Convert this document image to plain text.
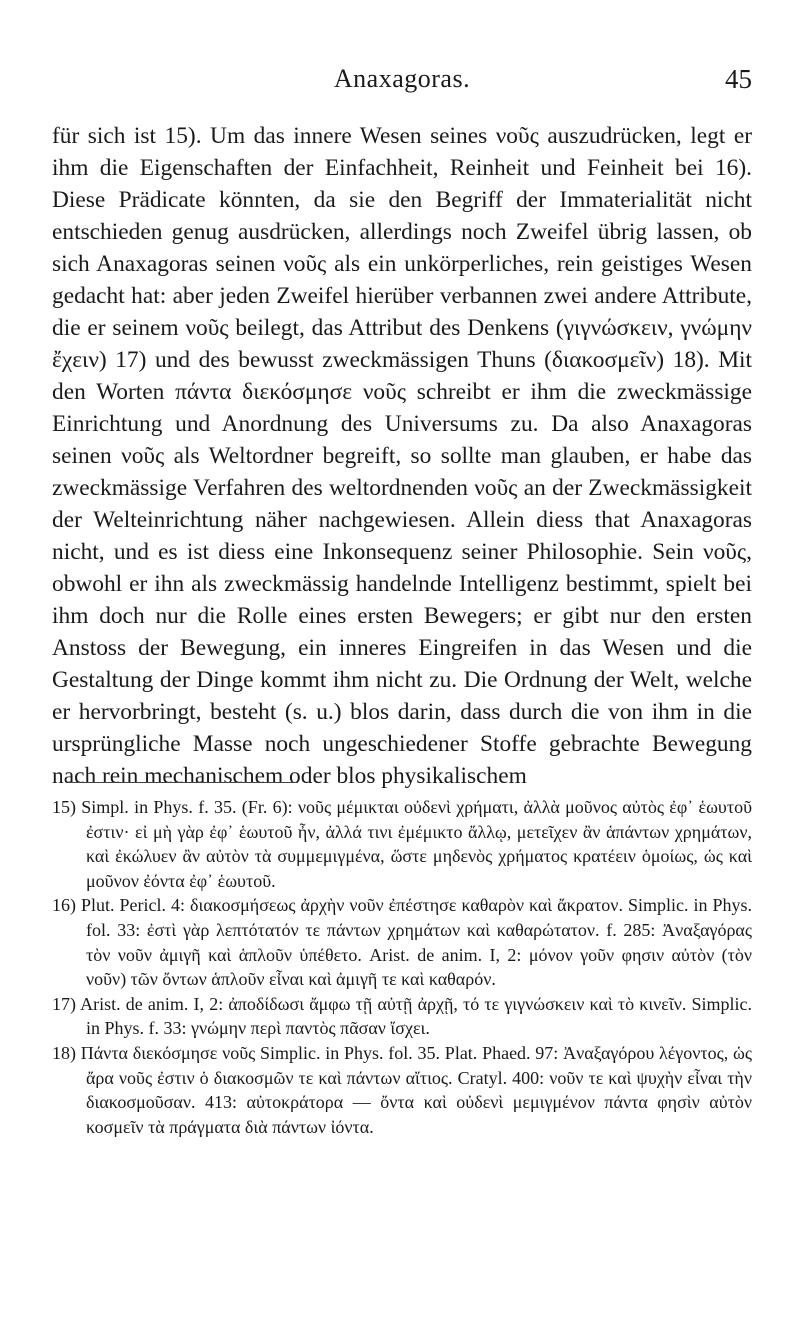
Anaxagoras.	45

für sich ist 15). Um das innere Wesen seines νοῦς auszudrücken, legt er ihm die Eigenschaften der Einfachheit, Reinheit und Feinheit bei 16). Diese Prädicate könnten, da sie den Begriff der Immaterialität nicht entschieden genug ausdrücken, allerdings noch Zweifel übrig lassen, ob sich Anaxagoras seinen νοῦς als ein unkörperliches, rein geistiges Wesen gedacht hat: aber jeden Zweifel hierüber verbannen zwei andere Attribute, die er seinem νοῦς beilegt, das Attribut des Denkens (γιγνώσκειν, γνώμην ἔχειν) 17) und des bewusst zweckmässigen Thuns (διακοσμεῖν) 18). Mit den Worten πάντα διεκόσμησε νοῦς schreibt er ihm die zweckmässige Einrichtung und Anordnung des Universums zu. Da also Anaxagoras seinen νοῦς als Weltordner begreift, so sollte man glauben, er habe das zweckmässige Verfahren des weltordnenden νοῦς an der Zweckmässigkeit der Welteinrichtung näher nachgewiesen. Allein diess that Anaxagoras nicht, und es ist diess eine Inkonsequenz seiner Philosophie. Sein νοῦς, obwohl er ihn als zweckmässig handelnde Intelligenz bestimmt, spielt bei ihm doch nur die Rolle eines ersten Bewegers; er gibt nur den ersten Anstoss der Bewegung, ein inneres Eingreifen in das Wesen und die Gestaltung der Dinge kommt ihm nicht zu. Die Ordnung der Welt, welche er hervorbringt, besteht (s. u.) blos darin, dass durch die von ihm in die ursprüngliche Masse noch ungeschiedener Stoffe gebrachte Bewegung nach rein mechanischem oder blos physikalischem

15) Simpl. in Phys. f. 35. (Fr. 6): νοῦς μέμικται οὐδενὶ χρήματι, ἀλλὰ μοῦνος αὐτὸς ἐφ᾽ ἑωυτοῦ ἐστιν· εἰ μὴ γὰρ ἐφ᾽ ἑωυτοῦ ἦν, ἀλλά τινι ἐμέμικτο ἄλλῳ, μετεῖχεν ἂν ἁπάντων χρημάτων, καὶ ἐκώλυεν ἂν αὐτὸν τὰ συμμεμιγμένα, ὥστε μηδενὸς χρήματος κρατέειν ὁμοίως, ὡς καὶ μοῦνον ἐόντα ἐφ᾽ ἑωυτοῦ.

16) Plut. Pericl. 4: διακοσμήσεως ἀρχὴν νοῦν ἐπέστησε καθαρὸν καὶ ἄκρατον. Simplic. in Phys. fol. 33: ἐστὶ γὰρ λεπτότατόν τε πάντων χρημάτων καὶ καθαρώτατον. f. 285: Ἀναξαγόρας τὸν νοῦν ἀμιγῆ καὶ ἁπλοῦν ὑπέθετο. Arist. de anim. I, 2: μόνον γοῦν φησιν αὐτὸν (τὸν νοῦν) τῶν ὄντων ἁπλοῦν εἶναι καὶ ἀμιγῆ τε καὶ καθαρόν.

17) Arist. de anim. I, 2: ἀποδίδωσι ἄμφω τῇ αὐτῇ ἀρχῇ, τό τε γιγνώσκειν καὶ τὸ κινεῖν. Simplic. in Phys. f. 33: γνώμην περὶ παντὸς πᾶσαν ἴσχει.

18) Πάντα διεκόσμησε νοῦς Simplic. in Phys. fol. 35. Plat. Phaed. 97: Ἀναξαγόρου λέγοντος, ὡς ἄρα νοῦς ἐστιν ὁ διακοσμῶν τε καὶ πάντων αἴτιος. Cratyl. 400: νοῦν τε καὶ ψυχὴν εἶναι τὴν διακοσμοῦσαν. 413: αὐτοκράτορα — ὄντα καὶ οὐδενὶ μεμιγμένον πάντα φησὶν αὐτὸν κοσμεῖν τὰ πράγματα διὰ πάντων ἰόντα.
